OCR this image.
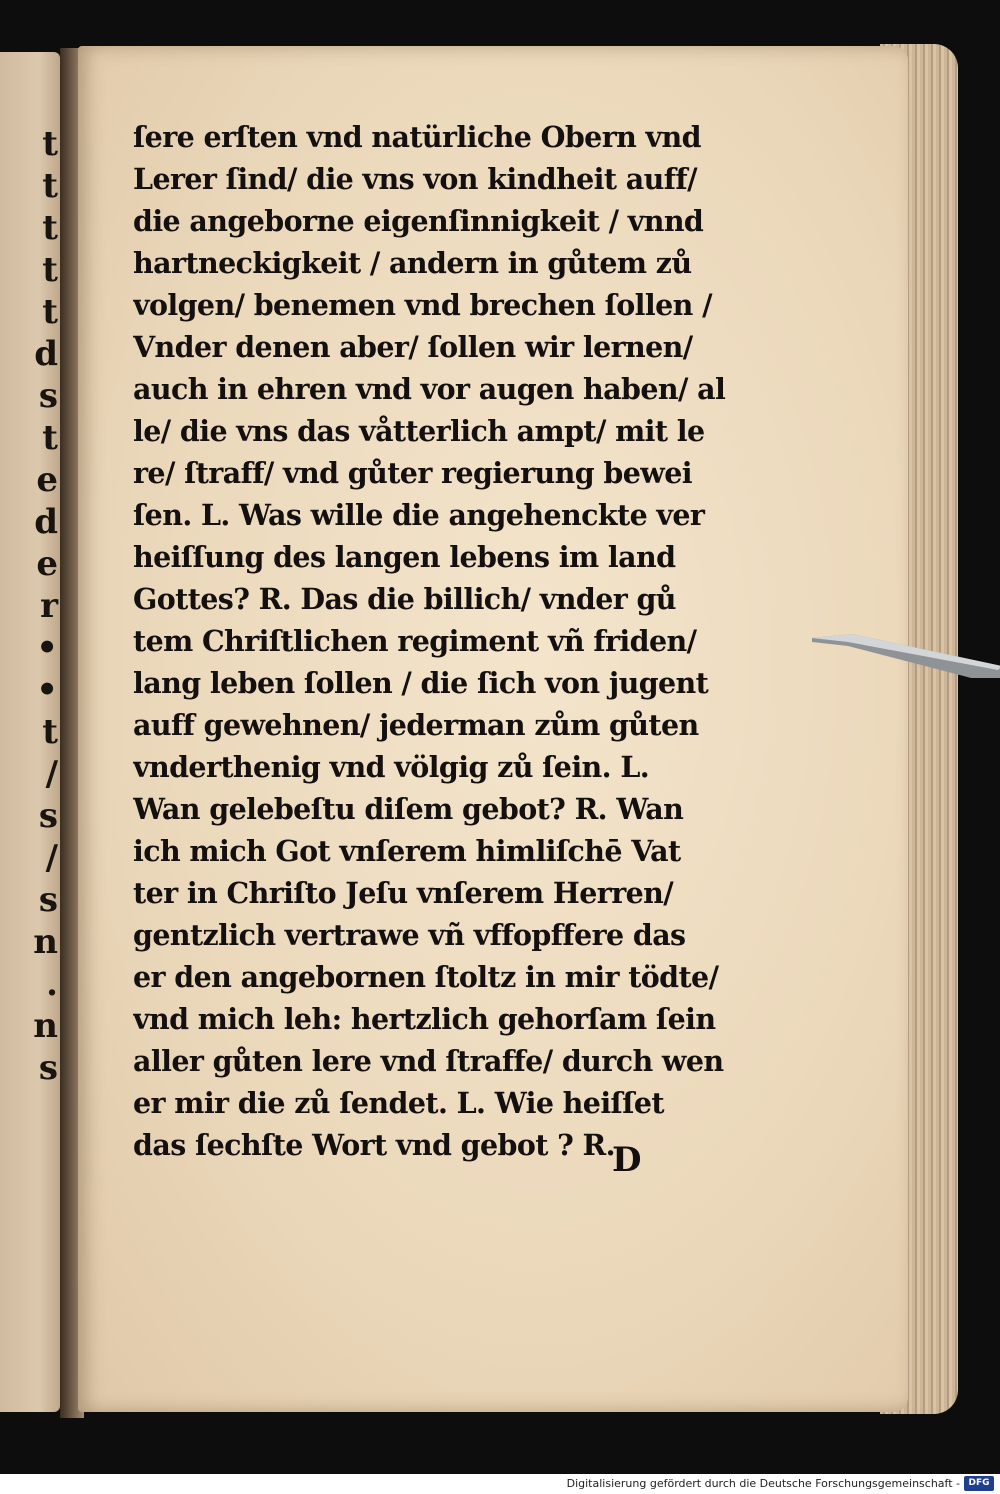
t
t
t
t
t
d
s
t
e
d
e
r
•
•
t
/
s
/
s
n
.
n
s
ſere erſten vnd natürliche Obern vnd
Lerer ſind/ die vns von kindheit auff/
die angeborne eigenſinnigkeit / vnnd
hartneckigkeit / andern in gůtem zů
volgen/ benemen vnd brechen ſollen /
Vnder denen aber/ ſollen wir lernen/
auch in ehren vnd vor augen haben/ al
le/ die vns das våtterlich ampt/ mit le
re/ ſtraff/ vnd gůter regierung bewei
ſen. L. Was wille die angehenckte ver
heiſſung des langen lebens im land
Gottes? R. Das die billich/ vnder gů
tem Chriſtlichen regiment vñ friden/
lang leben ſollen / die ſich von jugent
auff gewehnen/ jederman zům gůten
vnderthenig vnd völgig zů ſein. L.
Wan gelebeſtu diſem gebot? R. Wan
ich mich Got vnſerem himliſchē Vat
ter in Chriſto Jeſu vnſerem Herren/
gentzlich vertrawe vñ vffopffere das
er den angebornen ſtoltz in mir tödte/
vnd mich leh: hertzlich gehorſam ſein
aller gůten lere vnd ſtraffe/ durch wen
er mir die zů ſendet. L. Wie heiſſet
das ſechſte Wort vnd gebot ? R.
D
Digitalisierung gefördert durch die Deutsche Forschungsgemeinschaft - DFG
